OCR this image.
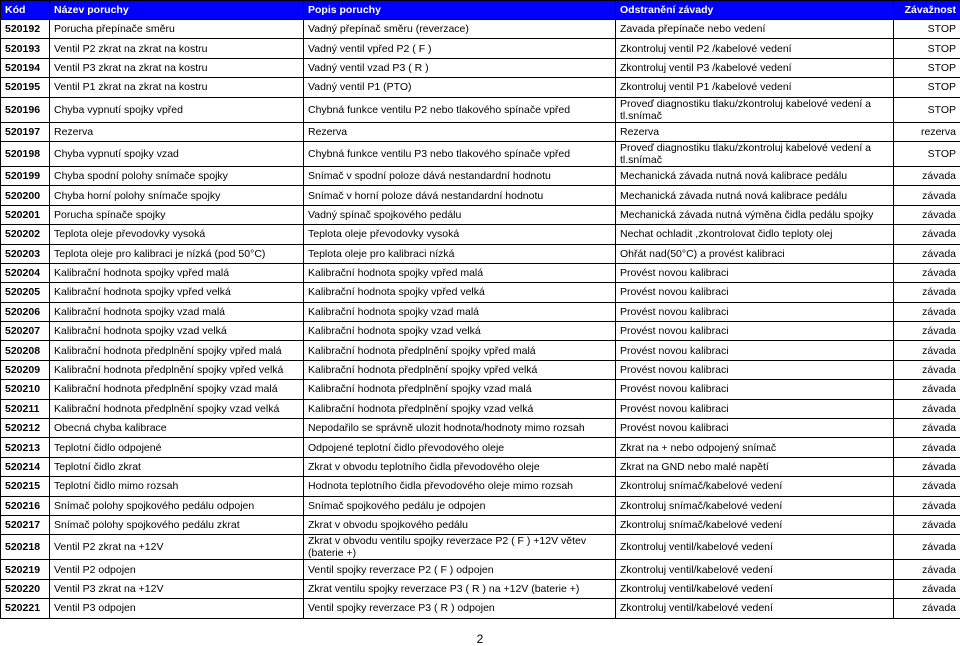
Kód	Název poruchy	Popis poruchy	Odstranění závady	Závažnost
520192	Porucha přepínače směru	Vadný přepínač směru (reverzace)	Zavada přepínače nebo vedení	STOP
520193	Ventil P2 zkrat na zkrat na kostru	Vadný ventil vpřed P2 ( F )	Zkontroluj ventil P2 /kabelové vedení	STOP
520194	Ventil P3 zkrat na zkrat na kostru	Vadný ventil vzad P3 ( R )	Zkontroluj ventil P3 /kabelové vedení	STOP
520195	Ventil P1 zkrat na zkrat na kostru	Vadný ventil P1 (PTO)	Zkontroluj ventil P1 /kabelové vedení	STOP
520196	Chyba vypnutí spojky vpřed	Chybná funkce ventilu P2 nebo tlakového spínače vpřed	Proveď diagnostiku tlaku/zkontroluj kabelové vedení a tl.snímač	STOP
520197	Rezerva	Rezerva	Rezerva	rezerva
520198	Chyba vypnutí spojky vzad	Chybná funkce ventilu P3 nebo tlakového spínače vpřed	Proveď diagnostiku tlaku/zkontroluj kabelové vedení a tl.snímač	STOP
520199	Chyba spodní polohy snímače spojky	Snímač v spodní poloze dává nestandardní hodnotu	Mechanická závada nutná nová kalibrace pedálu	závada
520200	Chyba horní polohy snímače spojky	Snímač v horní poloze dává nestandardní hodnotu	Mechanická závada nutná nová kalibrace pedálu	závada
520201	Porucha spínače spojky	Vadný spínač spojkového pedálu	Mechanická závada nutná výměna čidla pedálu spojky	závada
520202	Teplota oleje převodovky vysoká	Teplota oleje převodovky vysoká	Nechat ochladit ,zkontrolovat čidlo teploty olej	závada
520203	Teplota oleje pro kalibraci je nízká (pod 50°C)	Teplota oleje pro kalibraci nízká	Ohřát nad(50°C) a provést kalibraci	závada
520204	Kalibrační hodnota spojky vpřed malá	Kalibrační hodnota spojky vpřed malá	Provést novou kalibraci	závada
520205	Kalibrační hodnota spojky vpřed velká	Kalibrační hodnota spojky vpřed velká	Provést novou kalibraci	závada
520206	Kalibrační hodnota spojky vzad malá	Kalibrační hodnota spojky vzad malá	Provést novou kalibraci	závada
520207	Kalibrační hodnota spojky vzad velká	Kalibrační hodnota spojky vzad velká	Provést novou kalibraci	závada
520208	Kalibrační hodnota předplnění spojky vpřed malá	Kalibrační hodnota předplnění spojky vpřed malá	Provést novou kalibraci	závada
520209	Kalibrační hodnota předplnění spojky vpřed velká	Kalibrační hodnota předplnění spojky vpřed velká	Provést novou kalibraci	závada
520210	Kalibrační hodnota předplnění spojky vzad malá	Kalibrační hodnota předplnění spojky vzad malá	Provést novou kalibraci	závada
520211	Kalibrační hodnota předplnění spojky vzad velká	Kalibrační hodnota předplnění spojky vzad velká	Provést novou kalibraci	závada
520212	Obecná chyba kalibrace	Nepodařilo se správně ulozit hodnota/hodnoty mimo rozsah	Provést novou kalibraci	závada
520213	Teplotní čidlo odpojené	Odpojené teplotní čidlo převodového oleje	Zkrat na + nebo odpojený snímač	závada
520214	Teplotní čidlo zkrat	Zkrat v obvodu teplotního čidla převodového oleje	Zkrat na GND nebo malé napětí	závada
520215	Teplotní čidlo mimo rozsah	Hodnota teplotního čidla převodového oleje mimo rozsah	Zkontroluj snímač/kabelové vedení	závada
520216	Snímač polohy spojkového pedálu odpojen	Snímač spojkového pedálu je odpojen	Zkontroluj snímač/kabelové vedení	závada
520217	Snímač polohy spojkového pedálu zkrat	Zkrat v obvodu spojkového pedálu	Zkontroluj snímač/kabelové vedení	závada
520218	Ventil P2 zkrat na +12V	Zkrat v obvodu ventilu spojky reverzace P2 ( F ) +12V větev (baterie +)	Zkontroluj ventil/kabelové vedení	závada
520219	Ventil P2 odpojen	Ventil spojky reverzace P2 ( F ) odpojen	Zkontroluj ventil/kabelové vedení	závada
520220	Ventil P3 zkrat na +12V	Zkrat ventilu spojky reverzace P3 ( R ) na +12V (baterie +)	Zkontroluj ventil/kabelové vedení	závada
520221	Ventil P3 odpojen	Ventil spojky reverzace P3 ( R ) odpojen	Zkontroluj ventil/kabelové vedení	závada
2
